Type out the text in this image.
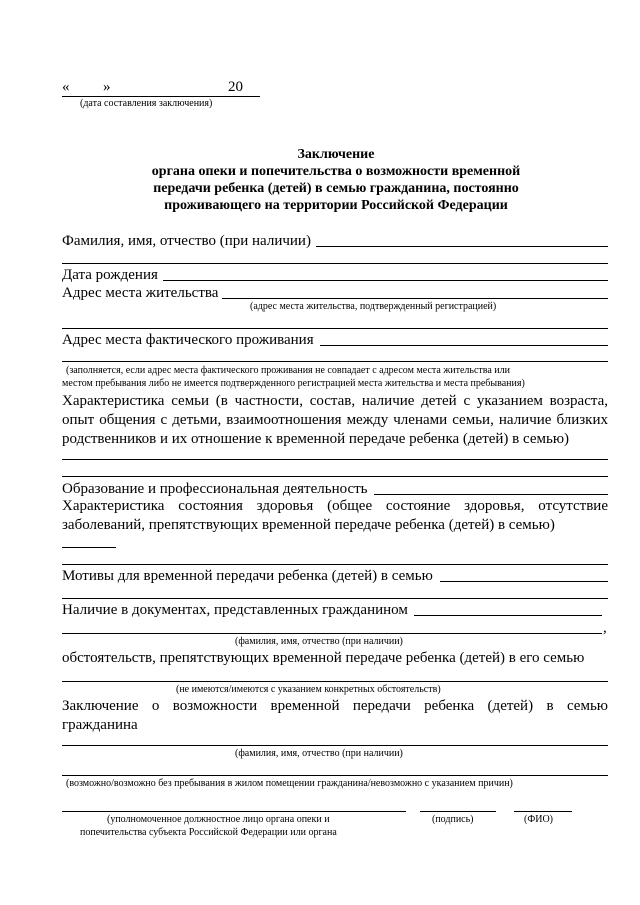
« »	20
(дата составления заключения)
Заключение
органа опеки и попечительства о возможности временной
передачи ребенка (детей) в семью гражданина, постоянно
проживающего на территории Российской Федерации
Фамилия, имя, отчество (при наличии)
Дата рождения
Адрес места жительства
(адрес места жительства, подтвержденный регистрацией)
Адрес места фактического проживания
(заполняется, если адрес места фактического проживания не совпадает с адресом места жительства или
местом пребывания либо не имеется подтвержденного регистрацией места жительства и места пребывания)
Характеристика семьи (в частности, состав, наличие детей с указанием возраста, опыт общения с детьми, взаимоотношения между членами семьи, наличие близких родственников и их отношение к временной передаче ребенка (детей) в семью)
Образование и профессиональная деятельность
Характеристика состояния здоровья (общее состояние здоровья, отсутствие заболеваний, препятствующих временной передаче ребенка (детей) в семью)
Мотивы для временной передачи ребенка (детей) в семью
Наличие в документах, представленных гражданином
,
(фамилия, имя, отчество (при наличии)
обстоятельств, препятствующих временной передаче ребенка (детей) в его семью
(не имеются/имеются с указанием конкретных обстоятельств)
Заключение о возможности временной передачи ребенка (детей) в семью гражданина
(фамилия, имя, отчество (при наличии)
(возможно/возможно без пребывания в жилом помещении гражданина/невозможно с указанием причин)
(уполномоченное должностное лицо органа опеки и
попечительства субъекта Российской Федерации или органа
(подпись)	(ФИО)
